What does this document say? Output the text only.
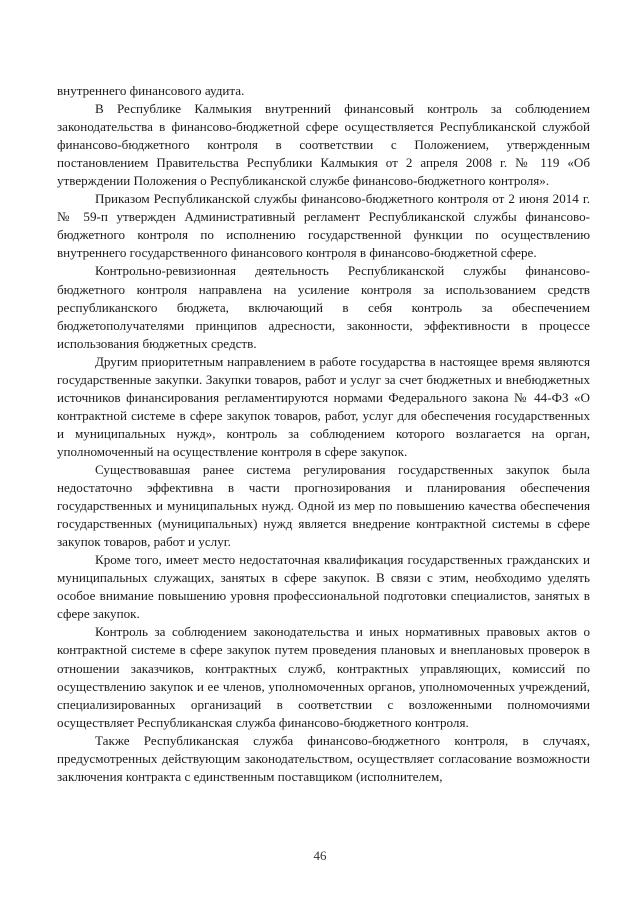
внутреннего финансового аудита.

В Республике Калмыкия внутренний финансовый контроль за соблюдением законодательства в финансово-бюджетной сфере осуществляется Республиканской службой финансово-бюджетного контроля в соответствии с Положением, утвержденным постановлением Правительства Республики Калмыкия от 2 апреля 2008 г. № 119 «Об утверждении Положения о Республиканской службе финансово-бюджетного контроля».

Приказом Республиканской службы финансово-бюджетного контроля от 2 июня 2014 г. № 59-п утвержден Административный регламент Республиканской службы финансово-бюджетного контроля по исполнению государственной функции по осуществлению внутреннего государственного финансового контроля в финансово-бюджетной сфере.

Контрольно-ревизионная деятельность Республиканской службы финансово-бюджетного контроля направлена на усиление контроля за использованием средств республиканского бюджета, включающий в себя контроль за обеспечением бюджетополучателями принципов адресности, законности, эффективности в процессе использования бюджетных средств.

Другим приоритетным направлением в работе государства в настоящее время являются государственные закупки. Закупки товаров, работ и услуг за счет бюджетных и внебюджетных источников финансирования регламентируются нормами Федерального закона № 44-ФЗ «О контрактной системе в сфере закупок товаров, работ, услуг для обеспечения государственных и муниципальных нужд», контроль за соблюдением которого возлагается на орган, уполномоченный на осуществление контроля в сфере закупок.

Существовавшая ранее система регулирования государственных закупок была недостаточно эффективна в части прогнозирования и планирования обеспечения государственных и муниципальных нужд. Одной из мер по повышению качества обеспечения государственных (муниципальных) нужд является внедрение контрактной системы в сфере закупок товаров, работ и услуг.

Кроме того, имеет место недостаточная квалификация государственных гражданских и муниципальных служащих, занятых в сфере закупок. В связи с этим, необходимо уделять особое внимание повышению уровня профессиональной подготовки специалистов, занятых в сфере закупок.

Контроль за соблюдением законодательства и иных нормативных правовых актов о контрактной системе в сфере закупок путем проведения плановых и внеплановых проверок в отношении заказчиков, контрактных служб, контрактных управляющих, комиссий по осуществлению закупок и ее членов, уполномоченных органов, уполномоченных учреждений, специализированных организаций в соответствии с возложенными полномочиями осуществляет Республиканская служба финансово-бюджетного контроля.

Также Республиканская служба финансово-бюджетного контроля, в случаях, предусмотренных действующим законодательством, осуществляет согласование возможности заключения контракта с единственным поставщиком (исполнителем,

46
